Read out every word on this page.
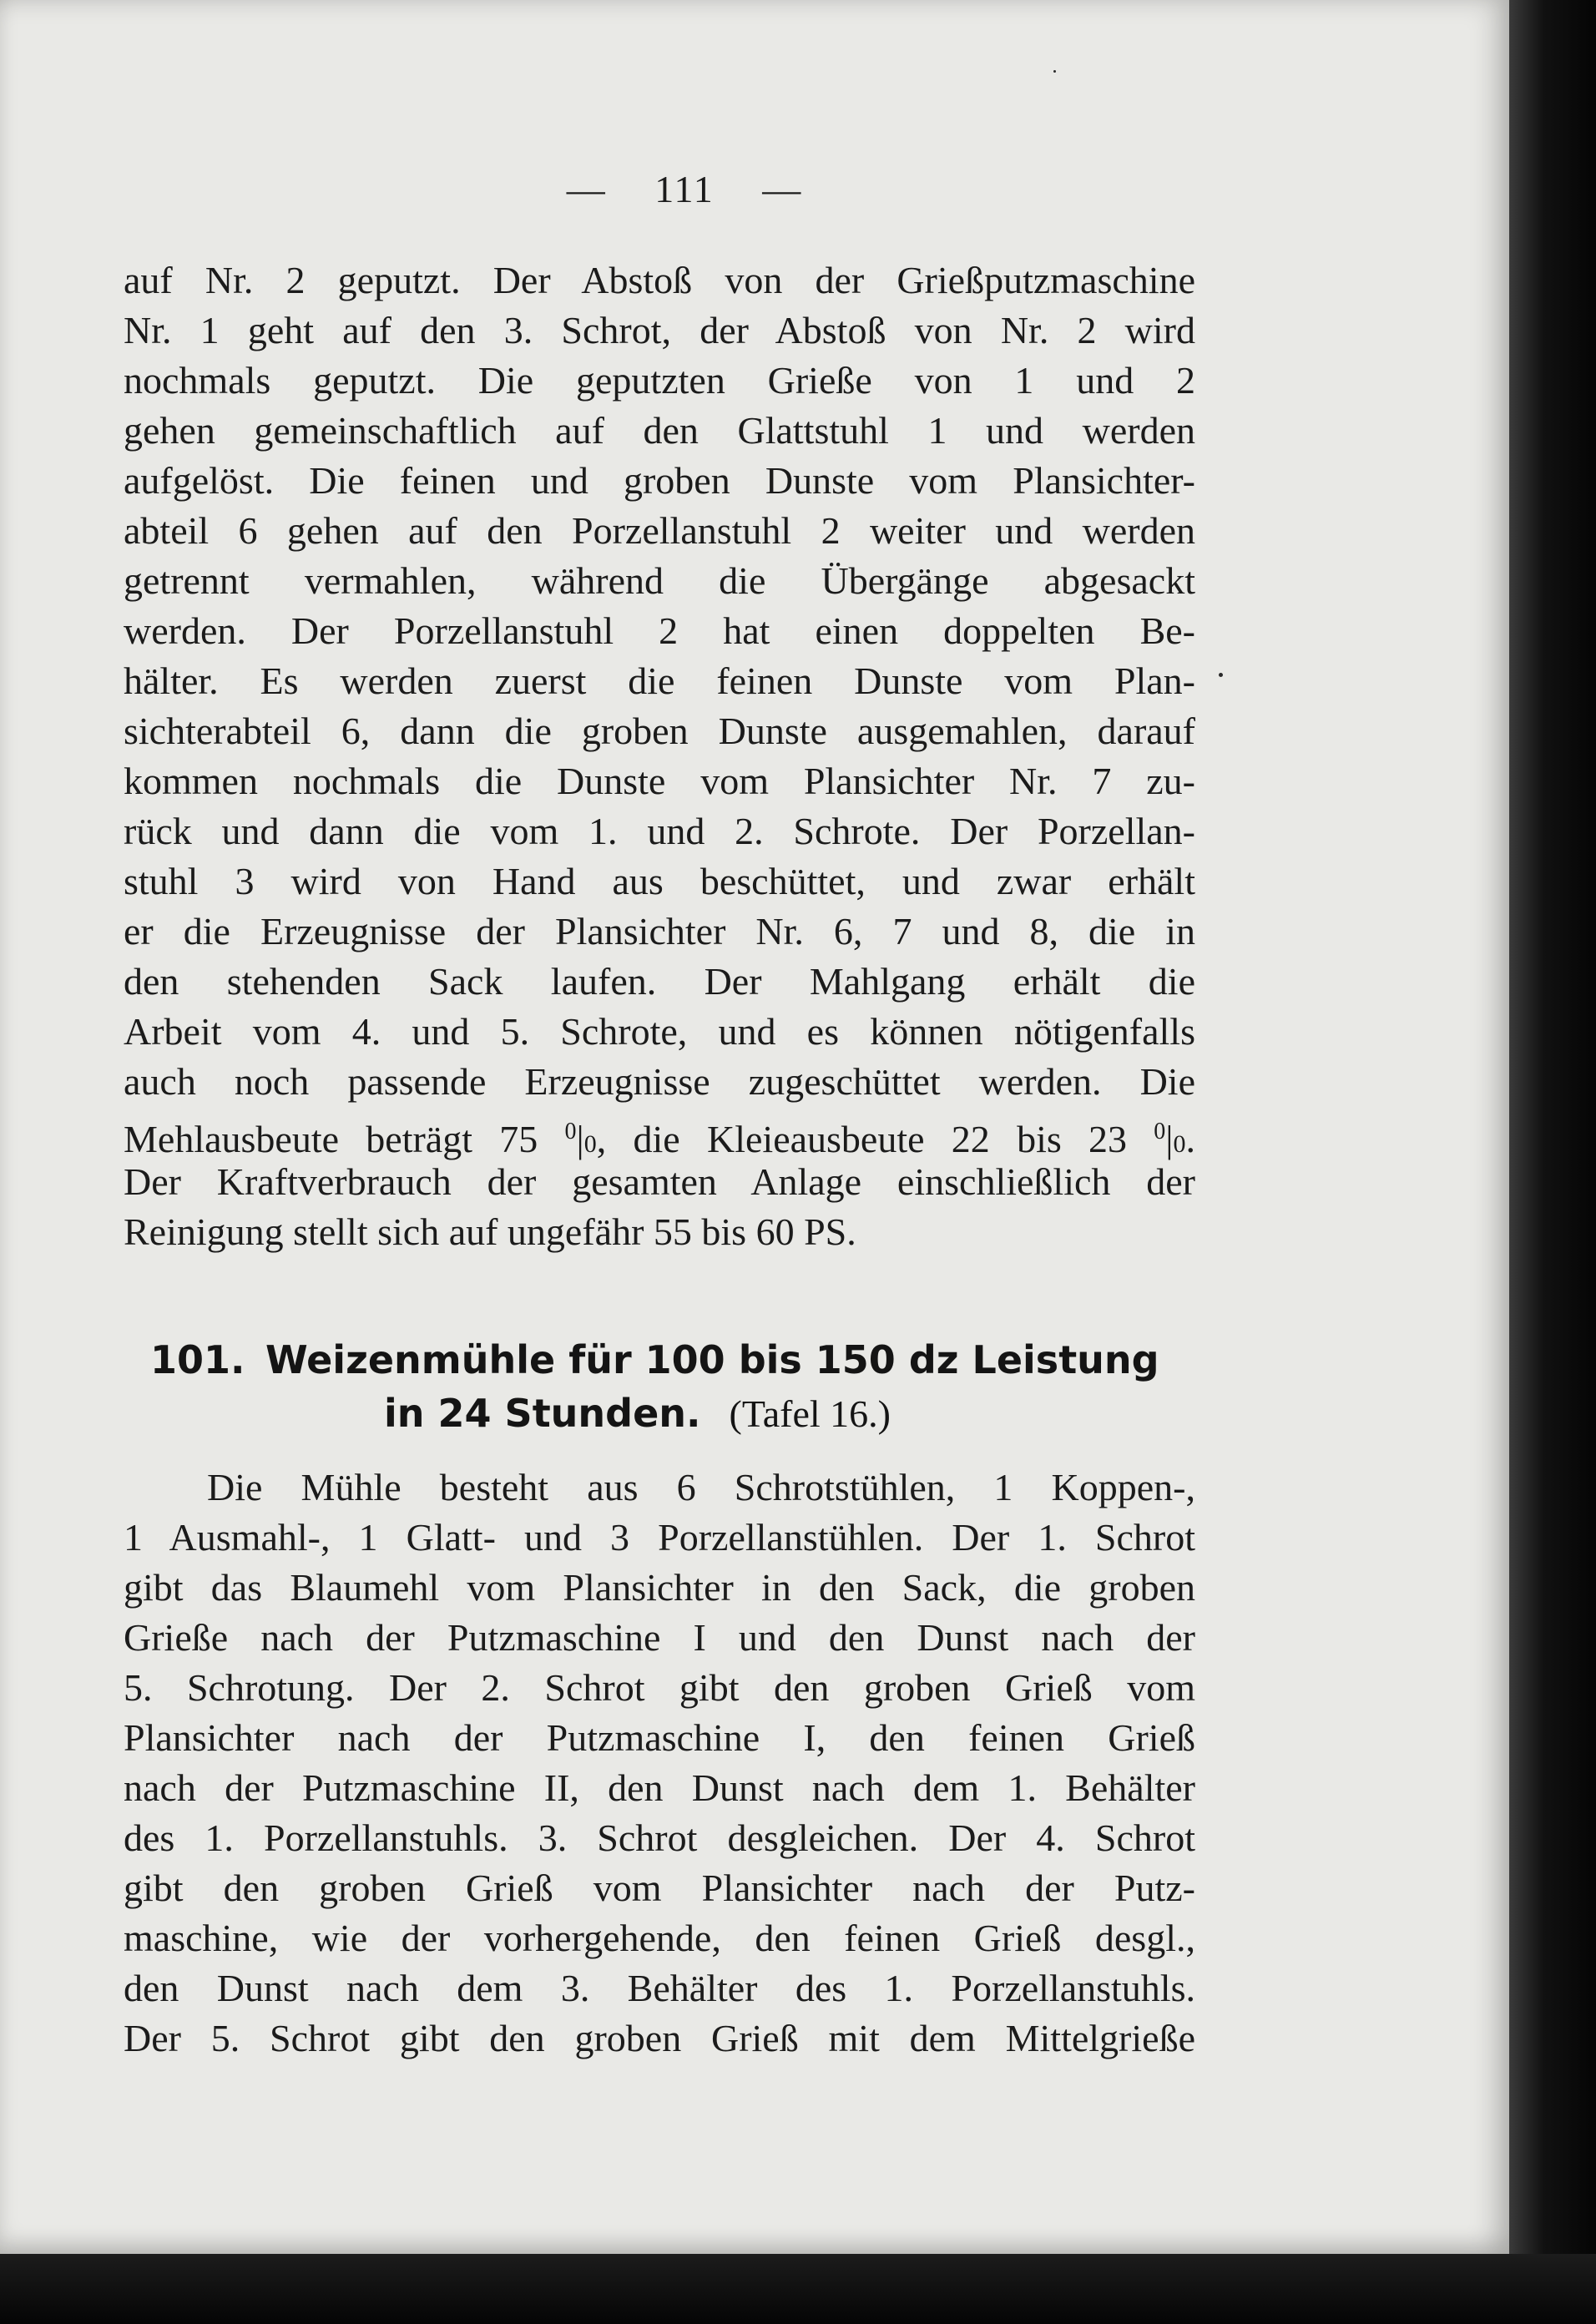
— 111 —
auf Nr. 2 geputzt. Der Abstoß von der Grießputzmaschine
Nr. 1 geht auf den 3. Schrot, der Abstoß von Nr. 2 wird
nochmals geputzt. Die geputzten Grieße von 1 und 2
gehen gemeinschaftlich auf den Glattstuhl 1 und werden
aufgelöst. Die feinen und groben Dunste vom Plansichter-
abteil 6 gehen auf den Porzellanstuhl 2 weiter und werden
getrennt vermahlen, während die Übergänge abgesackt
werden. Der Porzellanstuhl 2 hat einen doppelten Be-
hälter. Es werden zuerst die feinen Dunste vom Plan-
sichterabteil 6, dann die groben Dunste ausgemahlen, darauf
kommen nochmals die Dunste vom Plansichter Nr. 7 zu-
rück und dann die vom 1. und 2. Schrote. Der Porzellan-
stuhl 3 wird von Hand aus beschüttet, und zwar erhält
er die Erzeugnisse der Plansichter Nr. 6, 7 und 8, die in
den stehenden Sack laufen. Der Mahlgang erhält die
Arbeit vom 4. und 5. Schrote, und es können nötigenfalls
auch noch passende Erzeugnisse zugeschüttet werden. Die
Mehlausbeute beträgt 75 $^0$|0, die Kleieausbeute 22 bis 23 $^0$|0.
Der Kraftverbrauch der gesamten Anlage einschließlich der
Reinigung stellt sich auf ungefähr 55 bis 60 PS.
101. Weizenmühle für 100 bis 150 dz Leistung
in 24 Stunden. (Tafel 16.)
Die Mühle besteht aus 6 Schrotstühlen, 1 Koppen-,
1 Ausmahl-, 1 Glatt- und 3 Porzellanstühlen. Der 1. Schrot
gibt das Blaumehl vom Plansichter in den Sack, die groben
Grieße nach der Putzmaschine I und den Dunst nach der
5. Schrotung. Der 2. Schrot gibt den groben Grieß vom
Plansichter nach der Putzmaschine I, den feinen Grieß
nach der Putzmaschine II, den Dunst nach dem 1. Behälter
des 1. Porzellanstuhls. 3. Schrot desgleichen. Der 4. Schrot
gibt den groben Grieß vom Plansichter nach der Putz-
maschine, wie der vorhergehende, den feinen Grieß desgl.,
den Dunst nach dem 3. Behälter des 1. Porzellanstuhls.
Der 5. Schrot gibt den groben Grieß mit dem Mittelgrieße
